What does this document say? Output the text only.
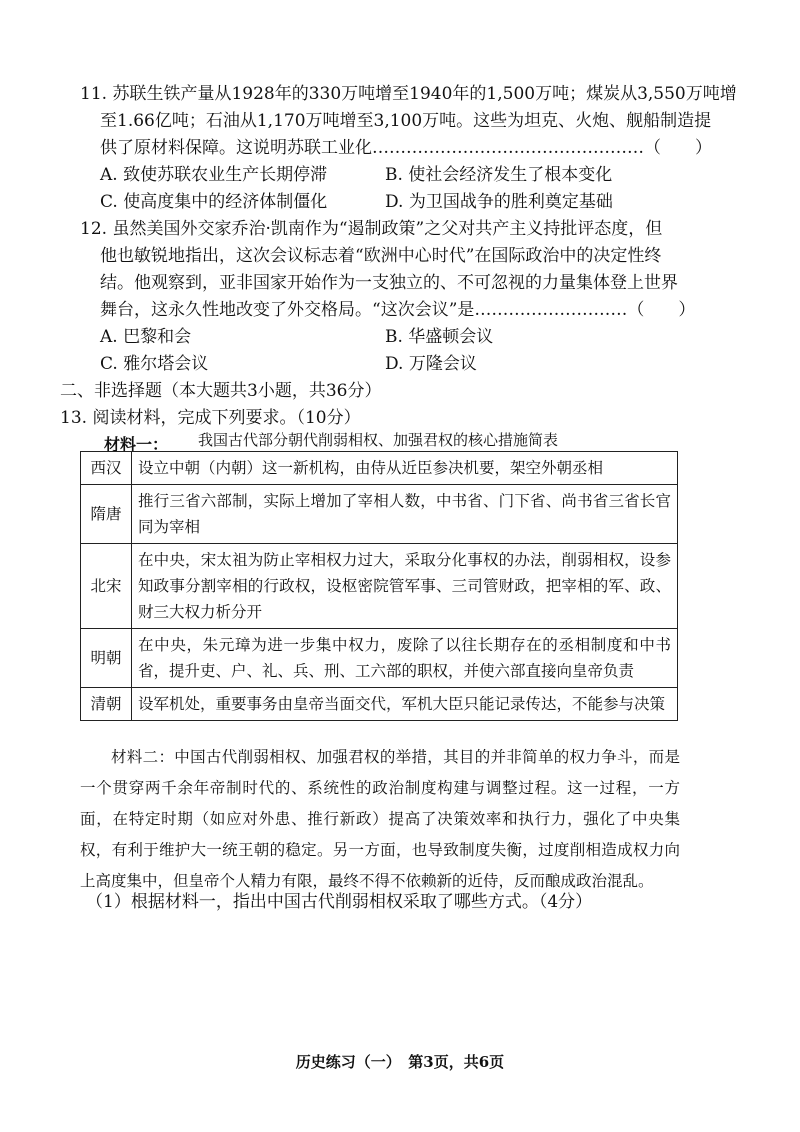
11. 苏联生铁产量从1928年的330万吨增至1940年的1,500万吨；煤炭从3,550万吨增
至1.66亿吨；石油从1,170万吨增至3,100万吨。这些为坦克、火炮、舰船制造提
供了原材料保障。这说明苏联工业化…………………………………………（　　）
A. 致使苏联农业生产长期停滞	B. 使社会经济发生了根本变化
C. 使高度集中的经济体制僵化	D. 为卫国战争的胜利奠定基础
12. 虽然美国外交家乔治·凯南作为“遏制政策”之父对共产主义持批评态度，但
他也敏锐地指出，这次会议标志着“欧洲中心时代”在国际政治中的决定性终
结。他观察到，亚非国家开始作为一支独立的、不可忽视的力量集体登上世界
舞台，这永久性地改变了外交格局。“这次会议”是………………………（　　）
A. 巴黎和会	B. 华盛顿会议
C. 雅尔塔会议	D. 万隆会议
二、非选择题（本大题共3小题，共36分）
13. 阅读材料，完成下列要求。（10分）
材料一： 我国古代部分朝代削弱相权、加强君权的核心措施简表
西汉	设立中朝（内朝）这一新机构，由侍从近臣参决机要，架空外朝丞相
隋唐	推行三省六部制，实际上增加了宰相人数，中书省、门下省、尚书省三省长官同为宰相
北宋	在中央，宋太祖为防止宰相权力过大，采取分化事权的办法，削弱相权，设参知政事分割宰相的行政权，设枢密院管军事、三司管财政，把宰相的军、政、财三大权力析分开
明朝	在中央，朱元璋为进一步集中权力，废除了以往长期存在的丞相制度和中书省，提升吏、户、礼、兵、刑、工六部的职权，并使六部直接向皇帝负责
清朝	设军机处，重要事务由皇帝当面交代，军机大臣只能记录传达，不能参与决策
材料二：中国古代削弱相权、加强君权的举措，其目的并非简单的权力争斗，而是一个贯穿两千余年帝制时代的、系统性的政治制度构建与调整过程。这一过程，一方面，在特定时期（如应对外患、推行新政）提高了决策效率和执行力，强化了中央集权，有利于维护大一统王朝的稳定。另一方面，也导致制度失衡，过度削相造成权力向上高度集中，但皇帝个人精力有限，最终不得不依赖新的近侍，反而酿成政治混乱。
（1）根据材料一，指出中国古代削弱相权采取了哪些方式。（4分）
历史练习（一）　第3页，共6页
